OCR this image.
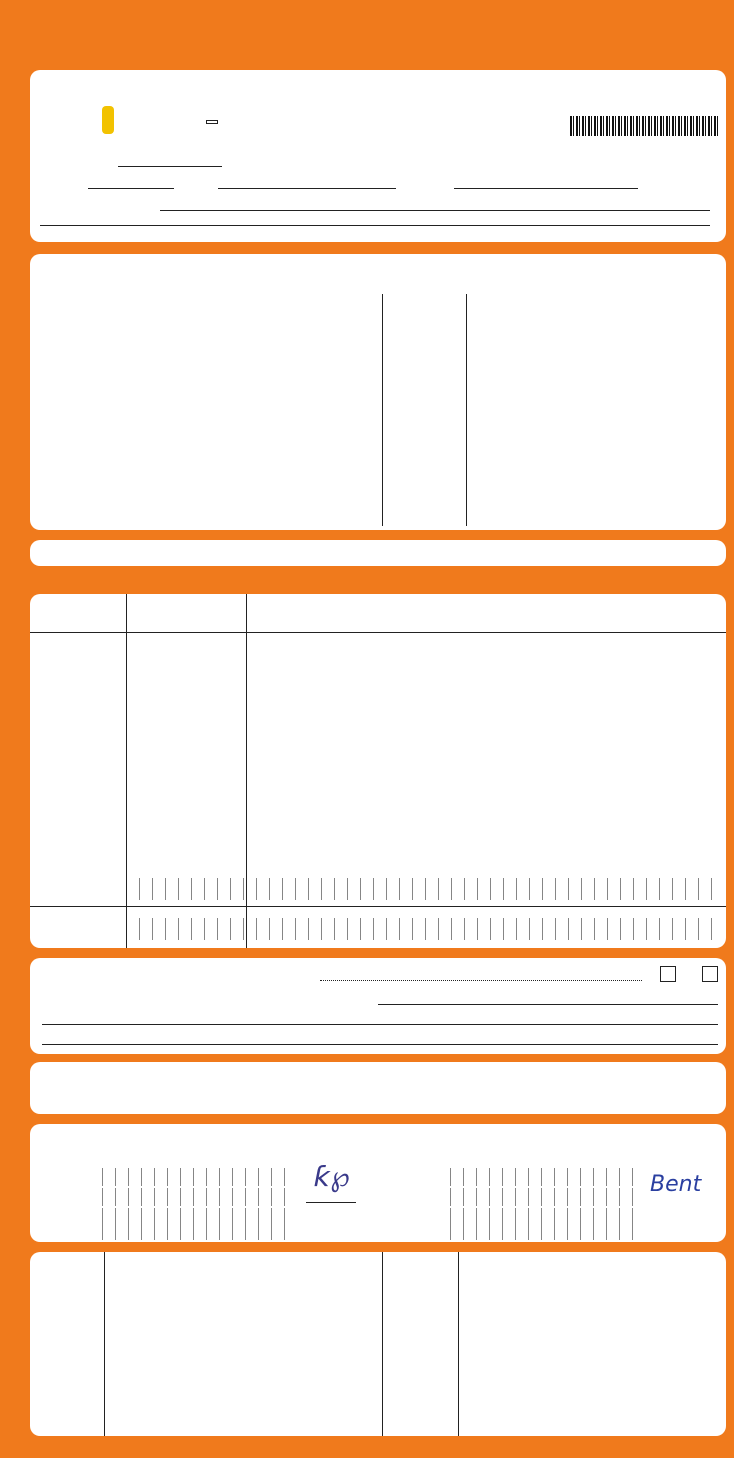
ƙ℘	Bent
